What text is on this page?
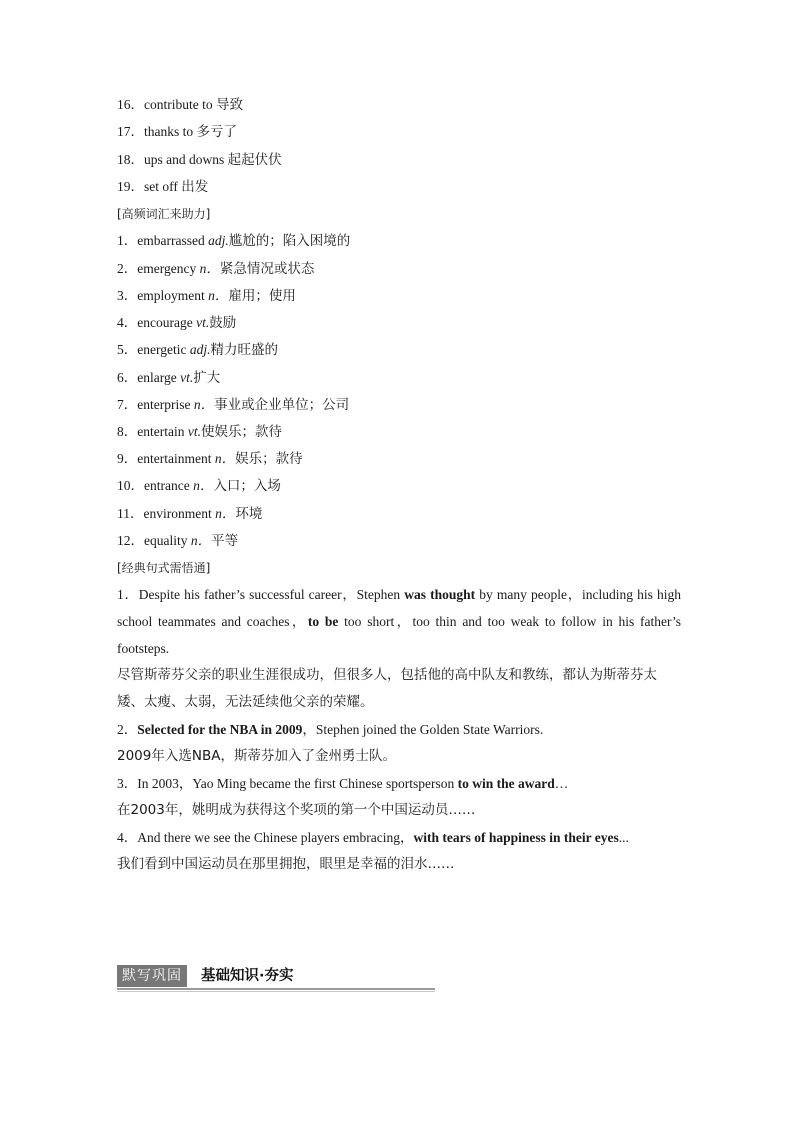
16．contribute to 导致
17．thanks to 多亏了
18．ups and downs 起起伏伏
19．set off 出发
[高频词汇来助力]
1．embarrassed adj.尴尬的；陷入困境的
2．emergency n．紧急情况或状态
3．employment n．雇用；使用
4．encourage vt.鼓励
5．energetic adj.精力旺盛的
6．enlarge vt.扩大
7．enterprise n．事业或企业单位；公司
8．entertain vt.使娱乐；款待
9．entertainment n．娱乐；款待
10．entrance n．入口；入场
11．environment n．环境
12．equality n．平等
[经典句式需悟通]

1．Despite his father’s successful career，Stephen was thought by many people，including his high school teammates and coaches，to be too short，too thin and too weak to follow in his father’s footsteps.

尽管斯蒂芬父亲的职业生涯很成功，但很多人，包括他的高中队友和教练，都认为斯蒂芬太矮、太瘦、太弱，无法延续他父亲的荣耀。

2．Selected for the NBA in 2009，Stephen joined the Golden State Warriors.

2009年入选NBA，斯蒂芬加入了金州勇士队。

3．In 2003，Yao Ming became the first Chinese sportsperson to win the award…

在2003年，姚明成为获得这个奖项的第一个中国运动员……

4．And there we see the Chinese players embracing，with tears of happiness in their eyes...

我们看到中国运动员在那里拥抱，眼里是幸福的泪水……

默写巩固	基础知识·夯实
